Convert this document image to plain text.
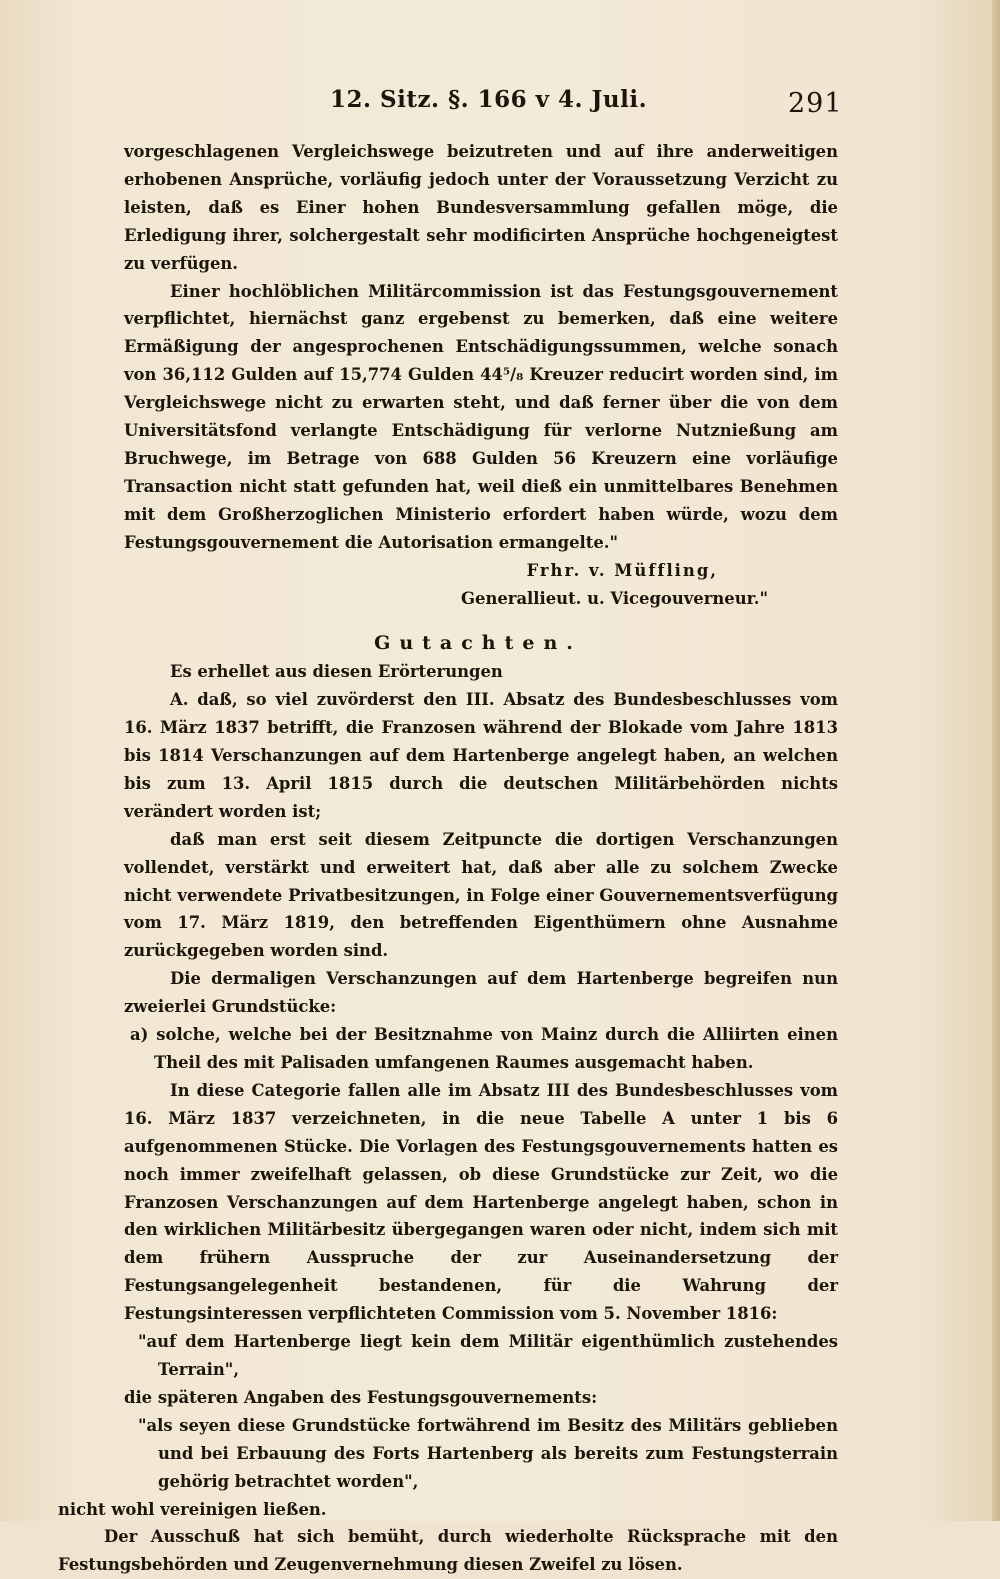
12. Sitz. §. 166 v 4. Juli.	291

vorgeschlagenen Vergleichswege beizutreten und auf ihre anderweitigen erhobenen Ansprüche, vorläufig jedoch unter der Voraussetzung Verzicht zu leisten, daß es Einer hohen Bundesversammlung gefallen möge, die Erledigung ihrer, solchergestalt sehr modificirten Ansprüche hochgeneigtest zu verfügen.

Einer hochlöblichen Militärcommission ist das Festungsgouvernement verpflichtet, hiernächst ganz ergebenst zu bemerken, daß eine weitere Ermäßigung der angesprochenen Entschädigungssummen, welche sonach von 36,112 Gulden auf 15,774 Gulden 44⁵/₈ Kreuzer reducirt worden sind, im Vergleichswege nicht zu erwarten steht, und daß ferner über die von dem Universitätsfond verlangte Entschädigung für verlorne Nutznießung am Bruchwege, im Betrage von 688 Gulden 56 Kreuzern eine vorläufige Transaction nicht statt gefunden hat, weil dieß ein unmittelbares Benehmen mit dem Großherzoglichen Ministerio erfordert haben würde, wozu dem Festungsgouvernement die Autorisation ermangelte."

Frhr. v. Müffling,

Generallieut. u. Vicegouverneur."

Gutachten.

Es erhellet aus diesen Erörterungen

A. daß, so viel zuvörderst den III. Absatz des Bundesbeschlusses vom 16. März 1837 betrifft, die Franzosen während der Blokade vom Jahre 1813 bis 1814 Verschanzungen auf dem Hartenberge angelegt haben, an welchen bis zum 13. April 1815 durch die deutschen Militärbehörden nichts verändert worden ist;

daß man erst seit diesem Zeitpuncte die dortigen Verschanzungen vollendet, verstärkt und erweitert hat, daß aber alle zu solchem Zwecke nicht verwendete Privatbesitzungen, in Folge einer Gouvernementsverfügung vom 17. März 1819, den betreffenden Eigenthümern ohne Ausnahme zurückgegeben worden sind.

Die dermaligen Verschanzungen auf dem Hartenberge begreifen nun zweierlei Grundstücke:

a) solche, welche bei der Besitznahme von Mainz durch die Alliirten einen Theil des mit Palisaden umfangenen Raumes ausgemacht haben.

In diese Categorie fallen alle im Absatz III des Bundesbeschlusses vom 16. März 1837 verzeichneten, in die neue Tabelle A unter 1 bis 6 aufgenommenen Stücke. Die Vorlagen des Festungsgouvernements hatten es noch immer zweifelhaft gelassen, ob diese Grundstücke zur Zeit, wo die Franzosen Verschanzungen auf dem Hartenberge angelegt haben, schon in den wirklichen Militärbesitz übergegangen waren oder nicht, indem sich mit dem frühern Ausspruche der zur Auseinandersetzung der Festungsangelegenheit bestandenen, für die Wahrung der Festungsinteressen verpflichteten Commission vom 5. November 1816:

"auf dem Hartenberge liegt kein dem Militär eigenthümlich zustehendes Terrain",

die späteren Angaben des Festungsgouvernements:

"als seyen diese Grundstücke fortwährend im Besitz des Militärs geblieben und bei Erbauung des Forts Hartenberg als bereits zum Festungsterrain gehörig betrachtet worden",

nicht wohl vereinigen ließen.

Der Ausschuß hat sich bemüht, durch wiederholte Rücksprache mit den Festungsbehörden und Zeugenvernehmung diesen Zweifel zu lösen.
